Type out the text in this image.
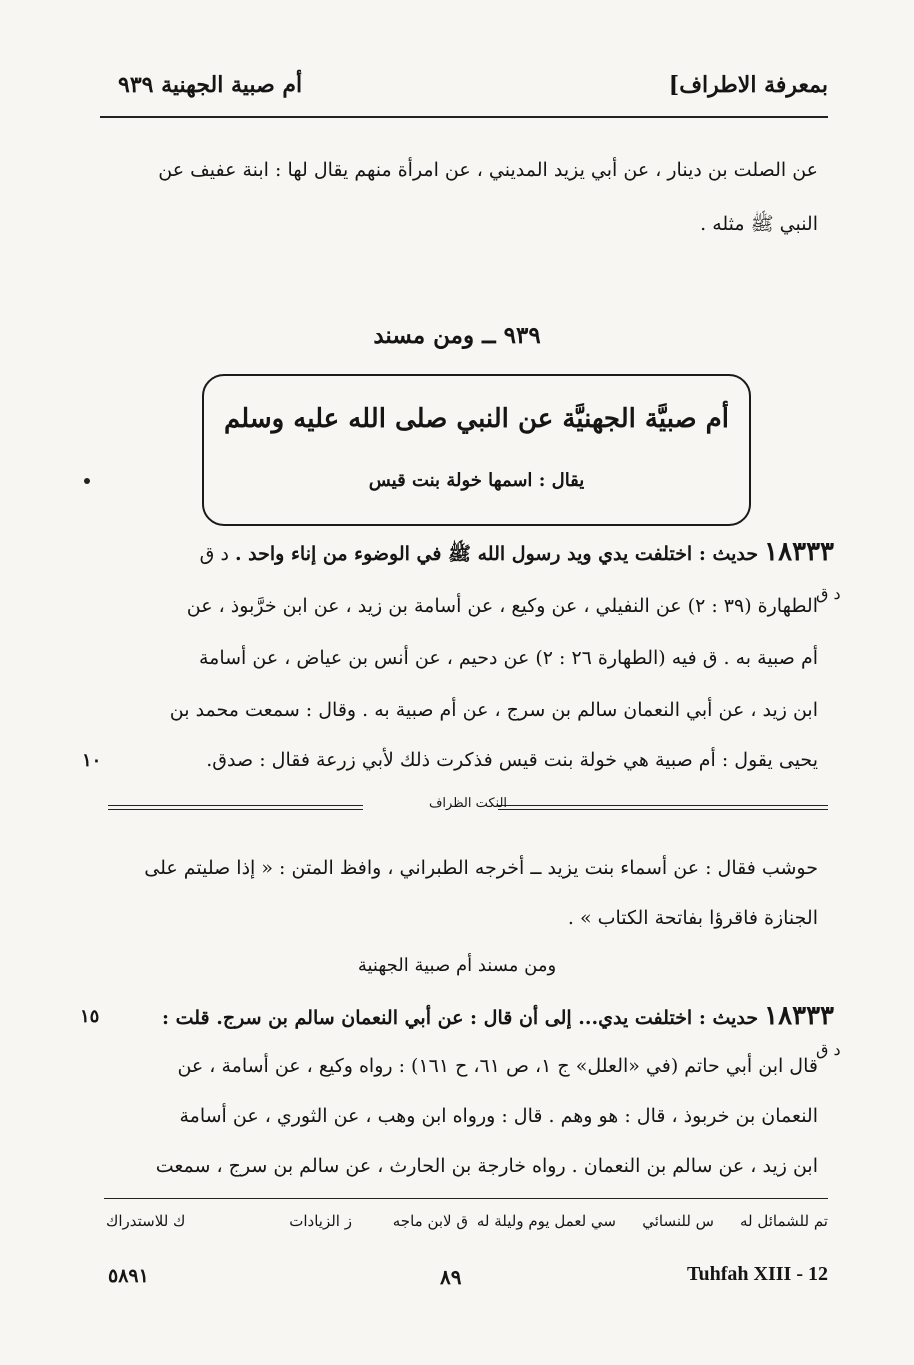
بمعرفة الاطراف]
أم صبية الجهنية ٩٣٩
عن الصلت بن دينار ، عن أبي يزيد المديني ، عن امرأة منهم يقال لها : ابنة عفيف عن
النبي ﷺ مثله .
٩٣٩ ــ ومن مسند
أم صبيَّة الجهنيَّة عن النبي صلى الله عليه وسلم
يقال : اسمها خولة بنت قيس
١٨٣٣٣ حديث : اختلفت يدي ويد رسول الله ﷺ في الوضوء من إناء واحد . د ق
د ق
الطهارة (٣٩ : ٢) عن النفيلي ، عن وكيع ، عن أسامة بن زيد ، عن ابن خرَّبوذ ، عن
أم صبية به . ق فيه (الطهارة ٢٦ : ٢) عن دحيم ، عن أنس بن عياض ، عن أسامة
ابن زيد ، عن أبي النعمان سالم بن سرج ، عن أم صبية به . وقال : سمعت محمد بن
يحيى يقول : أم صبية هي خولة بنت قيس فذكرت ذلك لأبي زرعة فقال : صدق.
١٠
النكت الظراف
حوشب فقال : عن أسماء بنت يزيد ــ أخرجه الطبراني ، وافظ المتن : « إذا صليتم على
الجنازة فاقرؤا بفاتحة الكتاب » .
ومن مسند أم صبية الجهنية
١٨٣٣٣ حديث : اختلفت يدي... إلى أن قال : عن أبي النعمان سالم بن سرج. قلت :
١٥
د ق
قال ابن أبي حاتم (في «العلل» ج ١، ص ٦١، ح ١٦١) : رواه وكيع ، عن أسامة ، عن
النعمان بن خربوذ ، قال : هو وهم . قال : ورواه ابن وهب ، عن الثوري ، عن أسامة
ابن زيد ، عن سالم بن النعمان . رواه خارجة بن الحارث ، عن سالم بن سرج ، سمعت
تم للشمائل له
س للنسائي
سي لعمل يوم وليلة له
ق لابن ماجه
ز الزيادات
ك للاستدراك
٥٨٩١	٨٩	Tuhfah XIII - 12
